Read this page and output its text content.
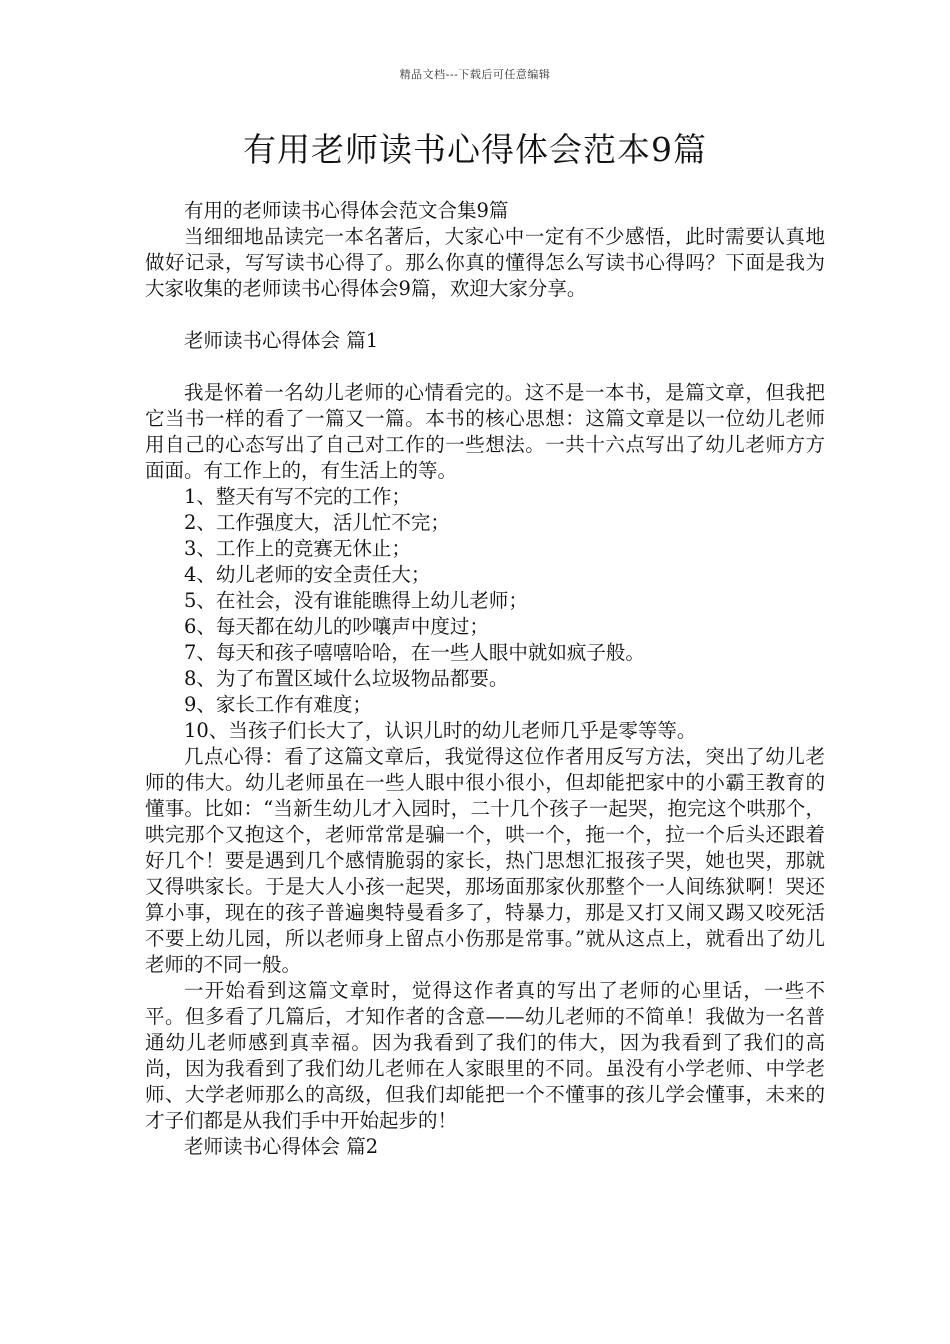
精品文档---下载后可任意编辑
有用老师读书心得体会范本9篇

有用的老师读书心得体会范文合集9篇

当细细地品读完一本名著后，大家心中一定有不少感悟，此时需要认真地做好记录，写写读书心得了。那么你真的懂得怎么写读书心得吗？下面是我为大家收集的老师读书心得体会9篇，欢迎大家分享。

老师读书心得体会 篇1

我是怀着一名幼儿老师的心情看完的。这不是一本书，是篇文章，但我把它当书一样的看了一篇又一篇。本书的核心思想：这篇文章是以一位幼儿老师用自己的心态写出了自己对工作的一些想法。一共十六点写出了幼儿老师方方面面。有工作上的，有生活上的等。

1、整天有写不完的工作；

2、工作强度大，活儿忙不完；

3、工作上的竞赛无休止；

4、幼儿老师的安全责任大；

5、在社会，没有谁能瞧得上幼儿老师；

6、每天都在幼儿的吵嚷声中度过；

7、每天和孩子嘻嘻哈哈，在一些人眼中就如疯子般。

8、为了布置区域什么垃圾物品都要。

9、家长工作有难度；

10、当孩子们长大了，认识儿时的幼儿老师几乎是零等等。

几点心得：看了这篇文章后，我觉得这位作者用反写方法，突出了幼儿老师的伟大。幼儿老师虽在一些人眼中很小很小，但却能把家中的小霸王教育的懂事。比如：“当新生幼儿才入园时，二十几个孩子一起哭，抱完这个哄那个，哄完那个又抱这个，老师常常是骗一个，哄一个，拖一个，拉一个后头还跟着好几个！要是遇到几个感情脆弱的家长，热门思想汇报孩子哭，她也哭，那就又得哄家长。于是大人小孩一起哭，那场面那家伙那整个一人间练狱啊！哭还算小事，现在的孩子普遍奥特曼看多了，特暴力，那是又打又闹又踢又咬死活不要上幼儿园，所以老师身上留点小伤那是常事。”就从这点上，就看出了幼儿老师的不同一般。

一开始看到这篇文章时，觉得这作者真的写出了老师的心里话，一些不平。但多看了几篇后，才知作者的含意——幼儿老师的不简单！我做为一名普通幼儿老师感到真幸福。因为我看到了我们的伟大，因为我看到了我们的高尚，因为我看到了我们幼儿老师在人家眼里的不同。虽没有小学老师、中学老师、大学老师那么的高级，但我们却能把一个不懂事的孩儿学会懂事，未来的才子们都是从我们手中开始起步的！

老师读书心得体会 篇2
